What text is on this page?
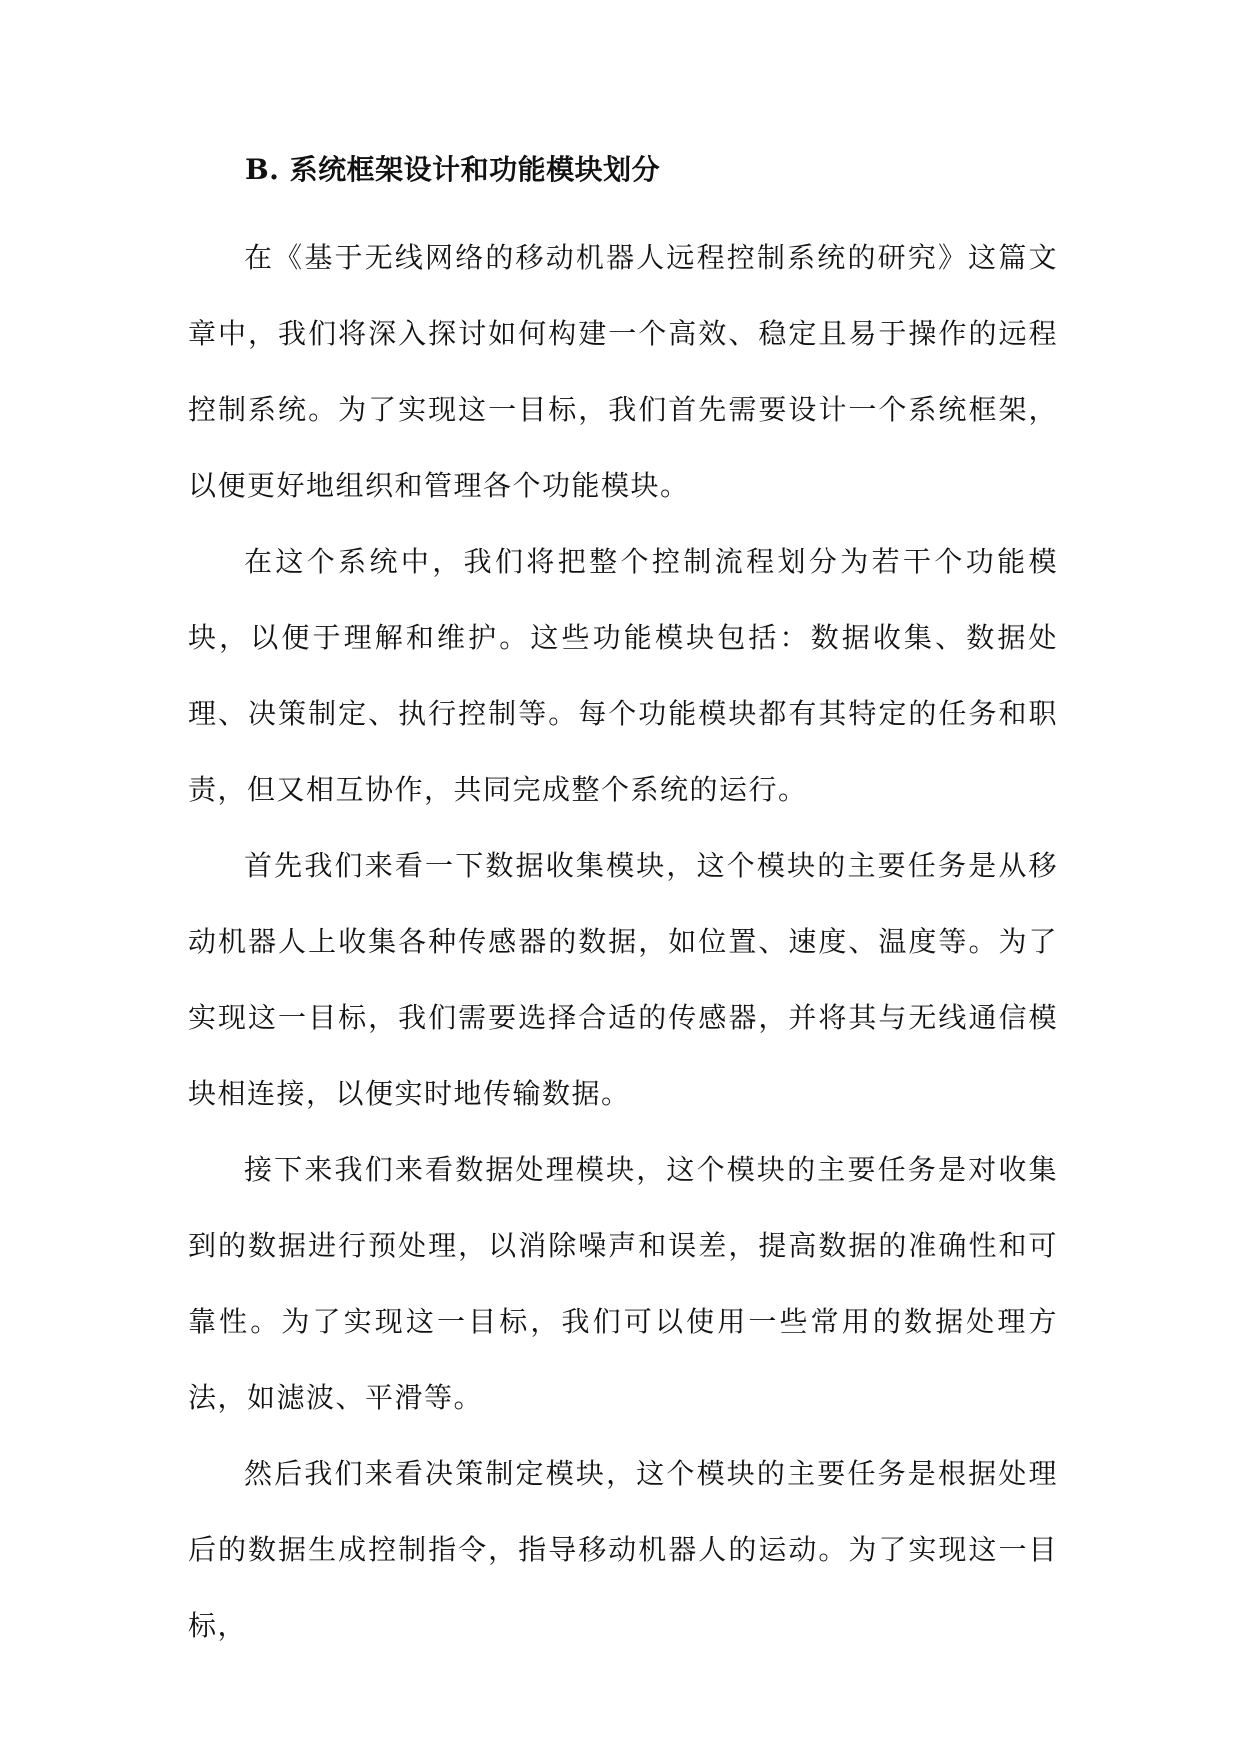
B. 系统框架设计和功能模块划分

在《基于无线网络的移动机器人远程控制系统的研究》这篇文章中，我们将深入探讨如何构建一个高效、稳定且易于操作的远程控制系统。为了实现这一目标，我们首先需要设计一个系统框架，以便更好地组织和管理各个功能模块。

在这个系统中，我们将把整个控制流程划分为若干个功能模块，以便于理解和维护。这些功能模块包括：数据收集、数据处理、决策制定、执行控制等。每个功能模块都有其特定的任务和职责，但又相互协作，共同完成整个系统的运行。

首先我们来看一下数据收集模块，这个模块的主要任务是从移动机器人上收集各种传感器的数据，如位置、速度、温度等。为了实现这一目标，我们需要选择合适的传感器，并将其与无线通信模块相连接，以便实时地传输数据。

接下来我们来看数据处理模块，这个模块的主要任务是对收集到的数据进行预处理，以消除噪声和误差，提高数据的准确性和可靠性。为了实现这一目标，我们可以使用一些常用的数据处理方法，如滤波、平滑等。

然后我们来看决策制定模块，这个模块的主要任务是根据处理后的数据生成控制指令，指导移动机器人的运动。为了实现这一目标，
